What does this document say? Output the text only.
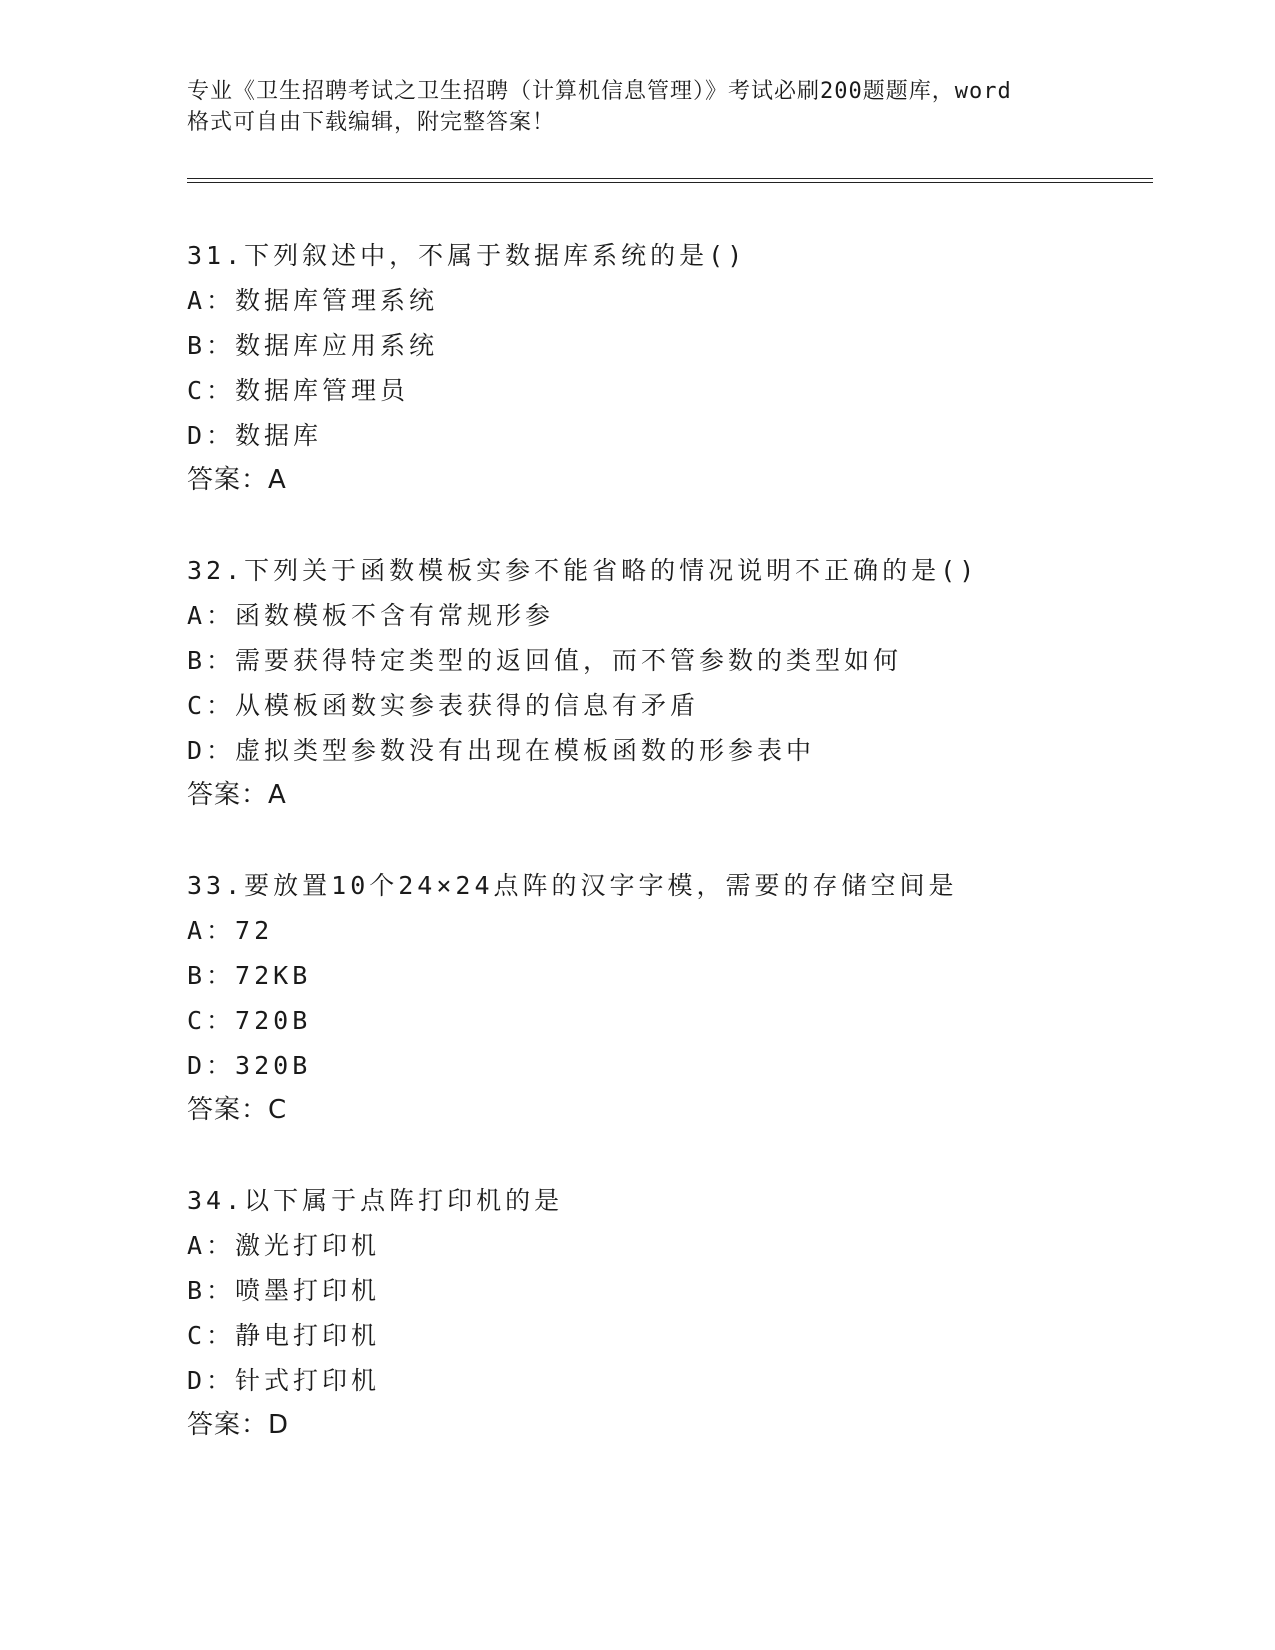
专业《卫生招聘考试之卫生招聘（计算机信息管理）》考试必刷200题题库，word
格式可自由下载编辑，附完整答案！
31.下列叙述中，不属于数据库系统的是()
A：数据库管理系统
B：数据库应用系统
C：数据库管理员
D：数据库
答案：A
32.下列关于函数模板实参不能省略的情况说明不正确的是()
A：函数模板不含有常规形参
B：需要获得特定类型的返回值，而不管参数的类型如何
C：从模板函数实参表获得的信息有矛盾
D：虚拟类型参数没有出现在模板函数的形参表中
答案：A
33.要放置10个24×24点阵的汉字字模，需要的存储空间是
A：72
B：72KB
C：720B
D：320B
答案：C
34.以下属于点阵打印机的是
A：激光打印机
B：喷墨打印机
C：静电打印机
D：针式打印机
答案：D
